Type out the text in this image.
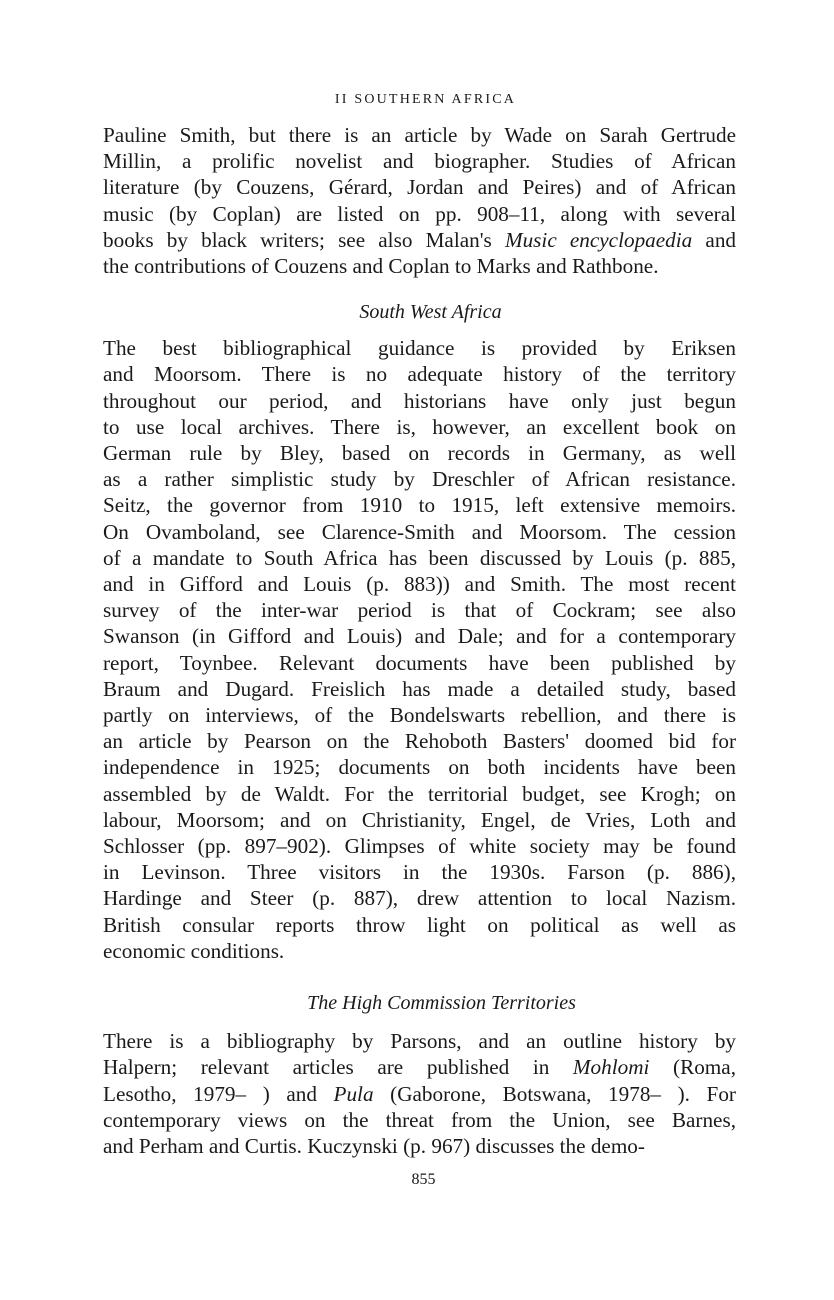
II SOUTHERN AFRICA
Pauline Smith, but there is an article by Wade on Sarah Gertrude
Millin, a prolific novelist and biographer. Studies of African
literature (by Couzens, Gérard, Jordan and Peires) and of African
music (by Coplan) are listed on pp. 908–11, along with several
books by black writers; see also Malan's Music encyclopaedia and
the contributions of Couzens and Coplan to Marks and Rathbone.
South West Africa
The best bibliographical guidance is provided by Eriksen
and Moorsom. There is no adequate history of the territory
throughout our period, and historians have only just begun
to use local archives. There is, however, an excellent book on
German rule by Bley, based on records in Germany, as well
as a rather simplistic study by Dreschler of African resistance.
Seitz, the governor from 1910 to 1915, left extensive memoirs.
On Ovamboland, see Clarence-Smith and Moorsom. The cession
of a mandate to South Africa has been discussed by Louis (p. 885,
and in Gifford and Louis (p. 883)) and Smith. The most recent
survey of the inter-war period is that of Cockram; see also
Swanson (in Gifford and Louis) and Dale; and for a contemporary
report, Toynbee. Relevant documents have been published by
Braum and Dugard. Freislich has made a detailed study, based
partly on interviews, of the Bondelswarts rebellion, and there is
an article by Pearson on the Rehoboth Basters' doomed bid for
independence in 1925; documents on both incidents have been
assembled by de Waldt. For the territorial budget, see Krogh; on
labour, Moorsom; and on Christianity, Engel, de Vries, Loth and
Schlosser (pp. 897–902). Glimpses of white society may be found
in Levinson. Three visitors in the 1930s. Farson (p. 886),
Hardinge and Steer (p. 887), drew attention to local Nazism.
British consular reports throw light on political as well as
economic conditions.
The High Commission Territories
There is a bibliography by Parsons, and an outline history by
Halpern; relevant articles are published in Mohlomi (Roma,
Lesotho, 1979– ) and Pula (Gaborone, Botswana, 1978– ). For
contemporary views on the threat from the Union, see Barnes,
and Perham and Curtis. Kuczynski (p. 967) discusses the demo-
855
